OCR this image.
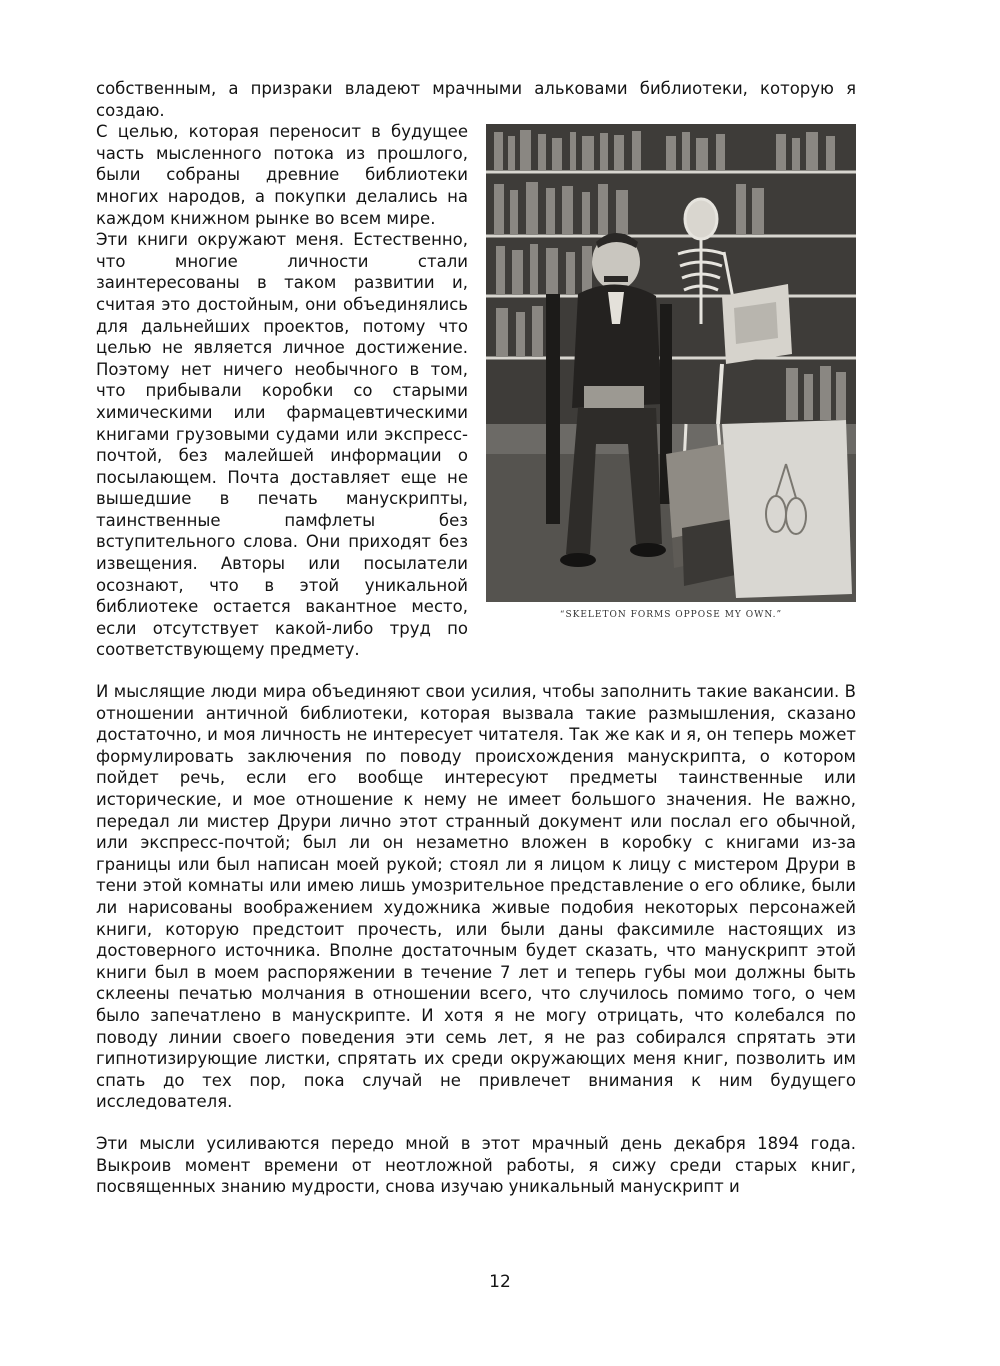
собственным, а призраки владеют мрачными альковами библиотеки, которую я создаю.

“SKELETON FORMS OPPOSE MY OWN.”

С целью, которая переносит в будущее часть мысленного потока из прошлого, были собраны древние библиотеки многих народов, а покупки делались на каждом книжном рынке во всем мире.

Эти книги окружают меня. Естественно, что многие личности стали заинтересованы в таком развитии и, считая это достойным, они объединялись для дальнейших проектов, потому что целью не является личное достижение. Поэтому нет ничего необычного в том, что прибывали коробки со старыми химическими или фармацевтическими книгами грузовыми судами или экспресс-почтой, без малейшей информации о посылающем. Почта доставляет еще не вышедшие в печать манускрипты, таинственные памфлеты без вступительного слова. Они приходят без извещения. Авторы или посылатели осознают, что в этой уникальной библиотеке остается вакантное место, если отсутствует какой-либо труд по соответствующему предмету.

И мыслящие люди мира объединяют свои усилия, чтобы заполнить такие вакансии. В отношении античной библиотеки, которая вызвала такие размышления, сказано достаточно, и моя личность не интересует читателя. Так же как и я, он теперь может формулировать заключения по поводу происхождения манускрипта, о котором пойдет речь, если его вообще интересуют предметы таинственные или исторические, и мое отношение к нему не имеет большого значения. Не важно, передал ли мистер Друри лично этот странный документ или послал его обычной, или экспресс-почтой; был ли он незаметно вложен в коробку с книгами из-за границы или был написан моей рукой; стоял ли я лицом к лицу с мистером Друри в тени этой комнаты или имею лишь умозрительное представление о его облике, были ли нарисованы воображением художника живые подобия некоторых персонажей книги, которую предстоит прочесть, или были даны факсимиле настоящих из достоверного источника. Вполне достаточным будет сказать, что манускрипт этой книги был в моем распоряжении в течение 7 лет и теперь губы мои должны быть склеены печатью молчания в отношении всего, что случилось помимо того, о чем было запечатлено в манускрипте. И хотя я не могу отрицать, что колебался по поводу линии своего поведения эти семь лет, я не раз собирался спрятать эти гипнотизирующие листки, спрятать их среди окружающих меня книг, позволить им спать до тех пор, пока случай не привлечет внимания к ним будущего исследователя.

Эти мысли усиливаются передо мной в этот мрачный день декабря 1894 года. Выкроив момент времени от неотложной работы, я сижу среди старых книг, посвященных знанию мудрости, снова изучаю уникальный манускрипт и

12
